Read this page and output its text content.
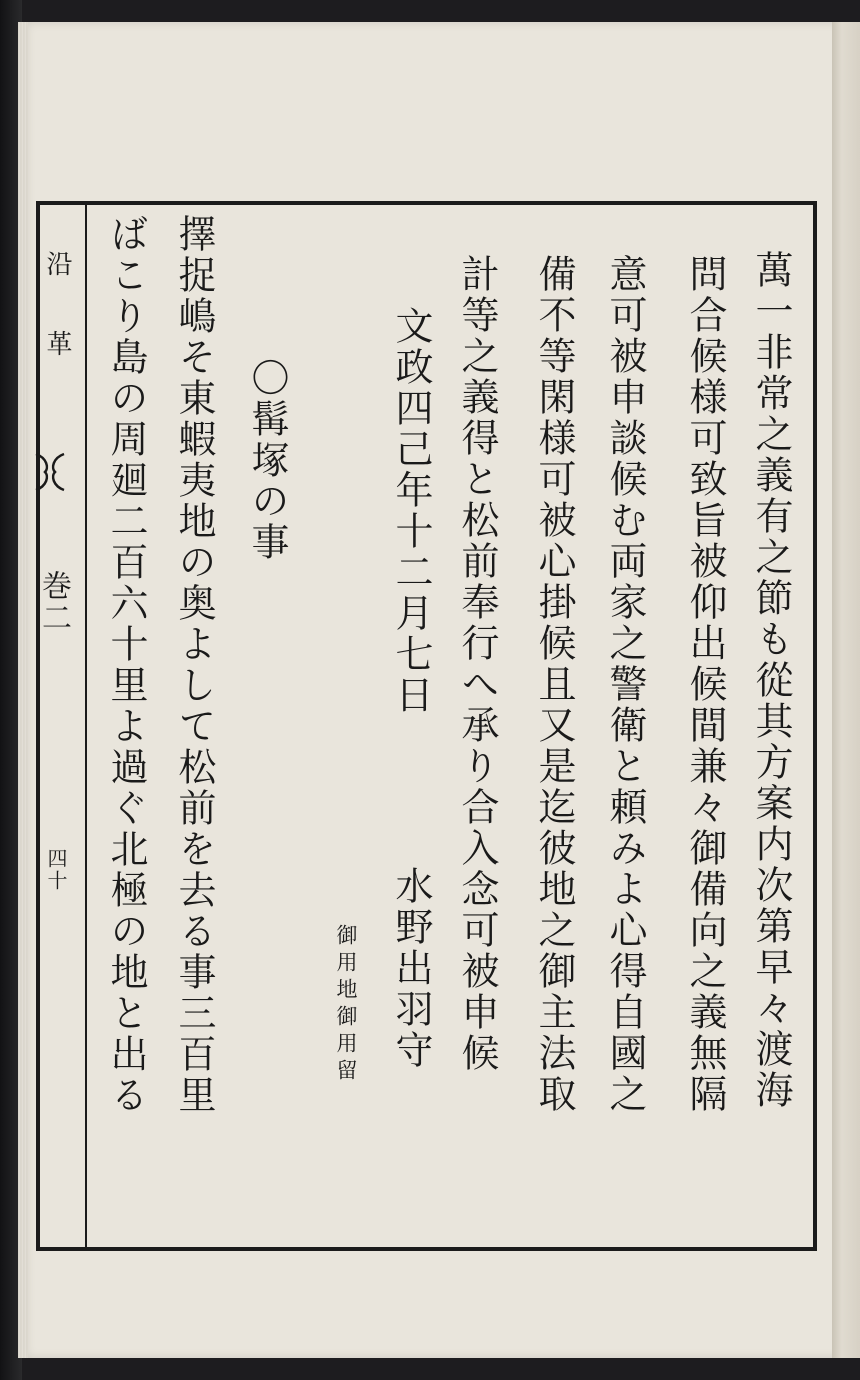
沿
革
巻二
四十	萬一非常之義有之節も從其方案内次第早々渡海
問合候様可致旨被仰出候間兼々御備向之義無隔
意可被申談候む両家之警衛と頼みよ心得自國之
備不等閑様可被心掛候且又是迄彼地之御主法取
計等之義得と松前奉行へ承り合入念可被申候
文政四己年十二月七日
水野出羽守
御用地御用留
〇髯塚の事
擇捉嶋そ東蝦夷地の奥よして松前を去る事三百里
ばこり島の周廻二百六十里よ過ぐ北極の地と出る
